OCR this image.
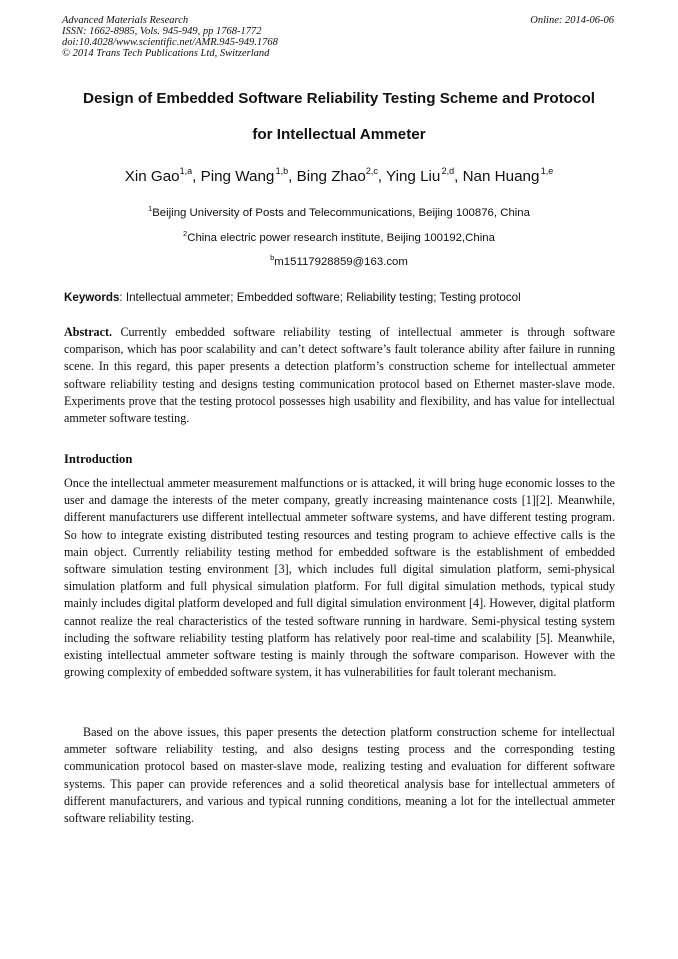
Advanced Materials Research
ISSN: 1662-8985, Vols. 945-949, pp 1768-1772
doi:10.4028/www.scientific.net/AMR.945-949.1768
© 2014 Trans Tech Publications Ltd, Switzerland
Online: 2014-06-06
Design of Embedded Software Reliability Testing Scheme and Protocol
for Intellectual Ammeter
Xin Gao$^{1,a}$, Ping Wang $^{1,b}$, Bing Zhao$^{2,c}$, Ying Liu $^{2,d}$, Nan Huang $^{1,e}$
$^1$Beijing University of Posts and Telecommunications, Beijing 100876, China
$^2$China electric power research institute, Beijing 100192,China
$^b$m15117928859@163.com
Keywords: Intellectual ammeter; Embedded software; Reliability testing; Testing protocol
Abstract. Currently embedded software reliability testing of intellectual ammeter is through software comparison, which has poor scalability and can’t detect software’s fault tolerance ability after failure in running scene. In this regard, this paper presents a detection platform’s construction scheme for intellectual ammeter software reliability testing and designs testing communication protocol based on Ethernet master-slave mode. Experiments prove that the testing protocol possesses high usability and flexibility, and has value for intellectual ammeter software testing.
Introduction
Once the intellectual ammeter measurement malfunctions or is attacked, it will bring huge economic losses to the user and damage the interests of the meter company, greatly increasing maintenance costs [1][2]. Meanwhile, different manufacturers use different intellectual ammeter software systems, and have different testing program. So how to integrate existing distributed testing resources and testing program to achieve effective calls is the main object. Currently reliability testing method for embedded software is the establishment of embedded software simulation testing environment [3], which includes full digital simulation platform, semi-physical simulation platform and full physical simulation platform. For full digital simulation methods, typical study mainly includes digital platform developed and full digital simulation environment [4]. However, digital platform cannot realize the real characteristics of the tested software running in hardware. Semi-physical testing system including the software reliability testing platform has relatively poor real-time and scalability [5]. Meanwhile, existing intellectual ammeter software testing is mainly through the software comparison. However with the growing complexity of embedded software system, it has vulnerabilities for fault tolerant mechanism.
Based on the above issues, this paper presents the detection platform construction scheme for intellectual ammeter software reliability testing, and also designs testing process and the corresponding testing communication protocol based on master-slave mode, realizing testing and evaluation for different software systems. This paper can provide references and a solid theoretical analysis base for intellectual ammeters of different manufacturers, and various and typical running conditions, meaning a lot for the intellectual ammeter software reliability testing.
